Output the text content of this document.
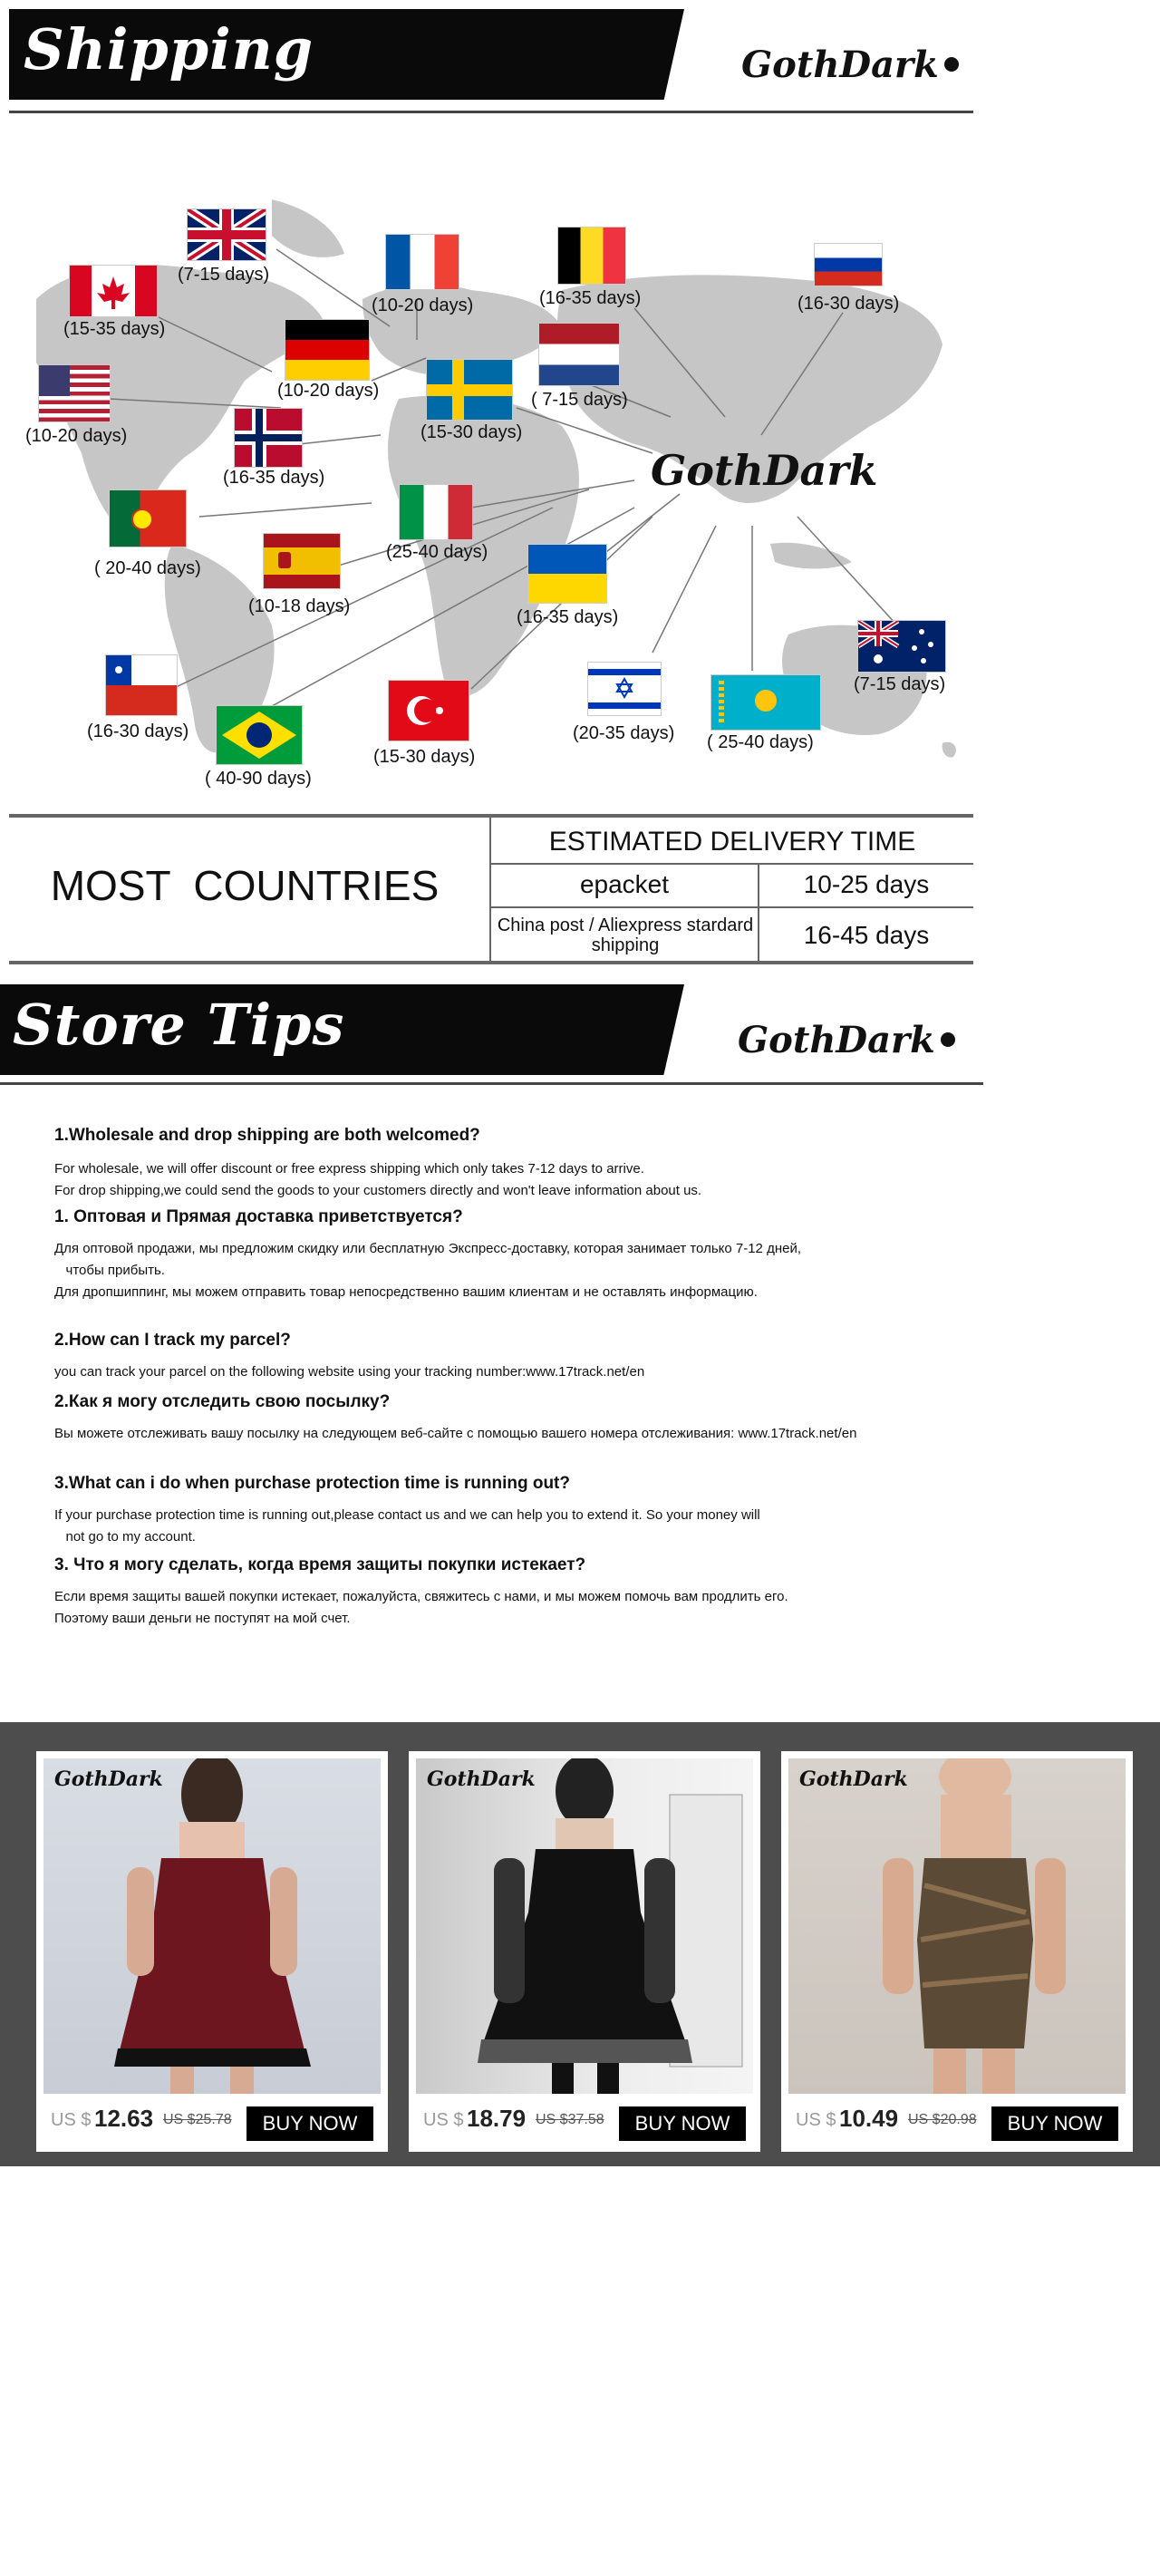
Shipping	GothDark
GothDark
(7-15 days)
(10-20 days)	(16-35 days)	(16-30 days)
(15-35 days)
(10-20 days)	( 7-15 days)
(10-20 days)	(15-30 days)
(16-35 days)
( 20-40 days)
(25-40 days)
(10-18 days)
(16-35 days)
(7-15 days)
(16-30 days)
( 40-90 days)
(15-30 days)
(20-35 days) ( 25-40 days)
MOST  COUNTRIES
ESTIMATED DELIVERY TIME
epacket	10-25 days
China post / Aliexpress stardard shipping	16-45 days
Store Tips	GothDark
1.Wholesale and drop shipping are both welcomed?
For wholesale, we will offer discount or free express shipping which only takes 7-12 days to arrive.
For drop shipping,we could send the goods to your customers directly and won't leave information about us.
1. Оптовая и Прямая доставка приветствуется?
Для оптовой продажи, мы предложим скидку или бесплатную Экспресс-доставку, которая занимает только 7-12 дней,
чтобы прибыть.
Для дропшиппинг, мы можем отправить товар непосредственно вашим клиентам и не оставлять информацию.
2.How can I track my parcel?
you can track your parcel on the following website using your tracking number:www.17track.net/en
2.Как я могу отследить свою посылку?
Вы можете отслеживать вашу посылку на следующем веб-сайте с помощью вашего номера отслеживания: www.17track.net/en
3.What can i do when purchase protection time is running out?
If your purchase protection time is running out,please contact us and we can help you to extend it. So your money will
not go to my account.
3. Что я могу сделать, когда время защиты покупки истекает?
Если время защиты вашей покупки истекает, пожалуйста, свяжитесь с нами, и мы можем помочь вам продлить его.
Поэтому ваши деньги не поступят на мой счет.
GothDark
US $ 12.63 US $25.78	BUY NOW
GothDark
US $ 18.79 US $37.58	BUY NOW
GothDark
US $ 10.49 US $20.98	BUY NOW
